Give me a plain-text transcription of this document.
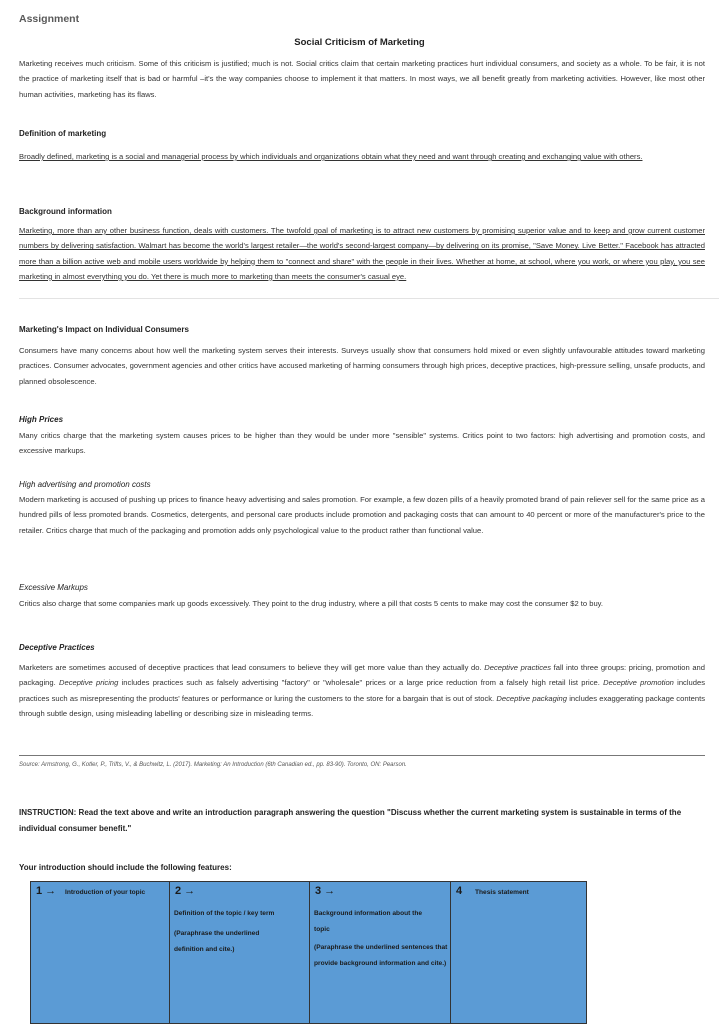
Assignment
Social Criticism of Marketing
Marketing receives much criticism. Some of this criticism is justified; much is not. Social critics claim that certain marketing practices hurt individual consumers, and society as a whole. To be fair, it is not the practice of marketing itself that is bad or harmful –it's the way companies choose to implement it that matters. In most ways, we all benefit greatly from marketing activities. However, like most other human activities, marketing has its flaws.
Definition of marketing
Broadly defined, marketing is a social and managerial process by which individuals and organizations obtain what they need and want through creating and exchanging value with others.
Background information
Marketing, more than any other business function, deals with customers. The twofold goal of marketing is to attract new customers by promising superior value and to keep and grow current customer numbers by delivering satisfaction. Walmart has become the world's largest retailer—the world's second-largest company—by delivering on its promise, "Save Money. Live Better." Facebook has attracted more than a billion active web and mobile users worldwide by helping them to "connect and share" with the people in their lives. Whether at home, at school, where you work, or where you play, you see marketing in almost everything you do. Yet there is much more to marketing than meets the consumer's casual eye.
Marketing's Impact on Individual Consumers
Consumers have many concerns about how well the marketing system serves their interests. Surveys usually show that consumers hold mixed or even slightly unfavourable attitudes toward marketing practices. Consumer advocates, government agencies and other critics have accused marketing of harming consumers through high prices, deceptive practices, high-pressure selling, unsafe products, and planned obsolescence.
High Prices
Many critics charge that the marketing system causes prices to be higher than they would be under more "sensible" systems. Critics point to two factors: high advertising and promotion costs, and excessive markups.
High advertising and promotion costs
Modern marketing is accused of pushing up prices to finance heavy advertising and sales promotion. For example, a few dozen pills of a heavily promoted brand of pain reliever sell for the same price as a hundred pills of less promoted brands. Cosmetics, detergents, and personal care products include promotion and packaging costs that can amount to 40 percent or more of the manufacturer's price to the retailer. Critics charge that much of the packaging and promotion adds only psychological value to the product rather than functional value.
Excessive Markups
Critics also charge that some companies mark up goods excessively. They point to the drug industry, where a pill that costs 5 cents to make may cost the consumer $2 to buy.
Deceptive Practices
Marketers are sometimes accused of deceptive practices that lead consumers to believe they will get more value than they actually do. Deceptive practices fall into three groups: pricing, promotion and packaging. Deceptive pricing includes practices such as falsely advertising "factory" or "wholesale" prices or a large price reduction from a falsely high retail list price. Deceptive promotion includes practices such as misrepresenting the products' features or performance or luring the customers to the store for a bargain that is out of stock. Deceptive packaging includes exaggerating package contents through subtle design, using misleading labelling or describing size in misleading terms.
Source: Armstrong, G., Kotler, P., Trifts, V., & Buchwitz, L. (2017). Marketing: An Introduction (6th Canadian ed., pp. 83-90). Toronto, ON: Pearson.
INSTRUCTION: Read the text above and write an introduction paragraph answering the question "Discuss whether the current marketing system is sustainable in terms of the individual consumer benefit."
Your introduction should include the following features:
1 → Introduction of your topic	2 →
Definition of the topic / key term
(Paraphrase the underlined definition and cite.)
3 →
Background information about the topic
(Paraphrase the underlined sentences that provide background information and cite.)
4 Thesis statement
